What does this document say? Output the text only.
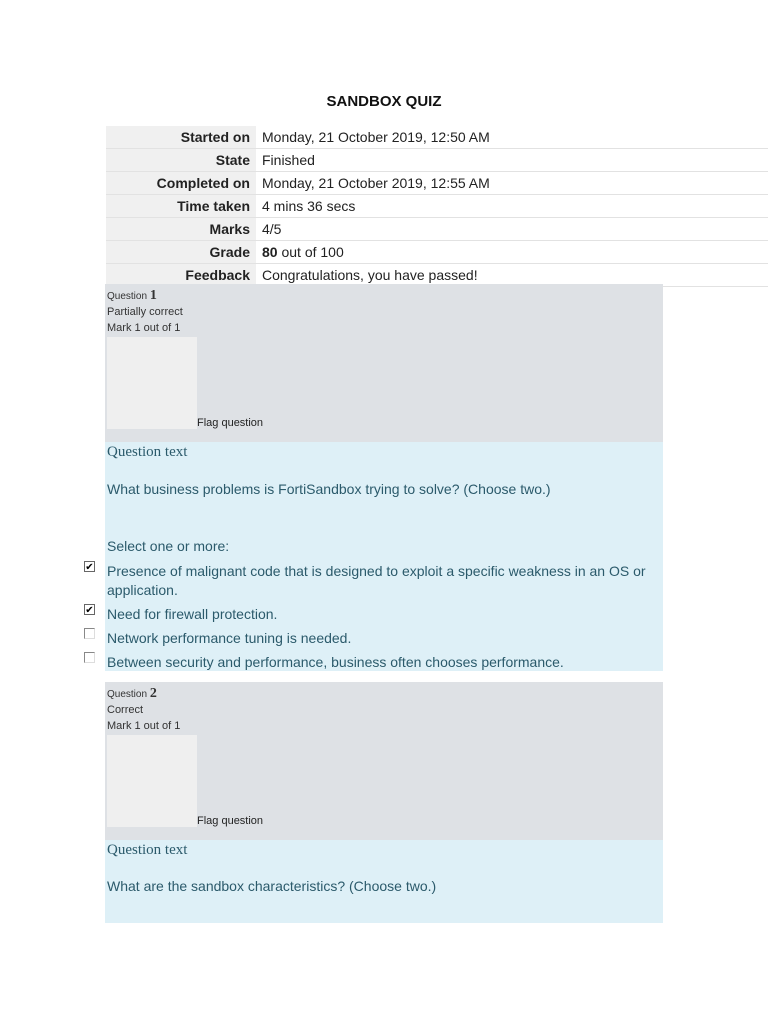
SANDBOX QUIZ
Started on	Monday, 21 October 2019, 12:50 AM
State	Finished
Completed on	Monday, 21 October 2019, 12:55 AM
Time taken	4 mins 36 secs
Marks	4/5
Grade	80 out of 100
Feedback	Congratulations, you have passed!
Question 1
Partially correct
Mark 1 out of 1
Flag question
Question text
What business problems is FortiSandbox trying to solve? (Choose two.)
Select one or more:
Presence of malignant code that is designed to exploit a specific weakness in an OS or application.
Need for firewall protection.
Network performance tuning is needed.
Between security and performance, business often chooses performance.
✔
✔
Question 2
Correct
Mark 1 out of 1
Flag question
Question text
What are the sandbox characteristics? (Choose two.)
